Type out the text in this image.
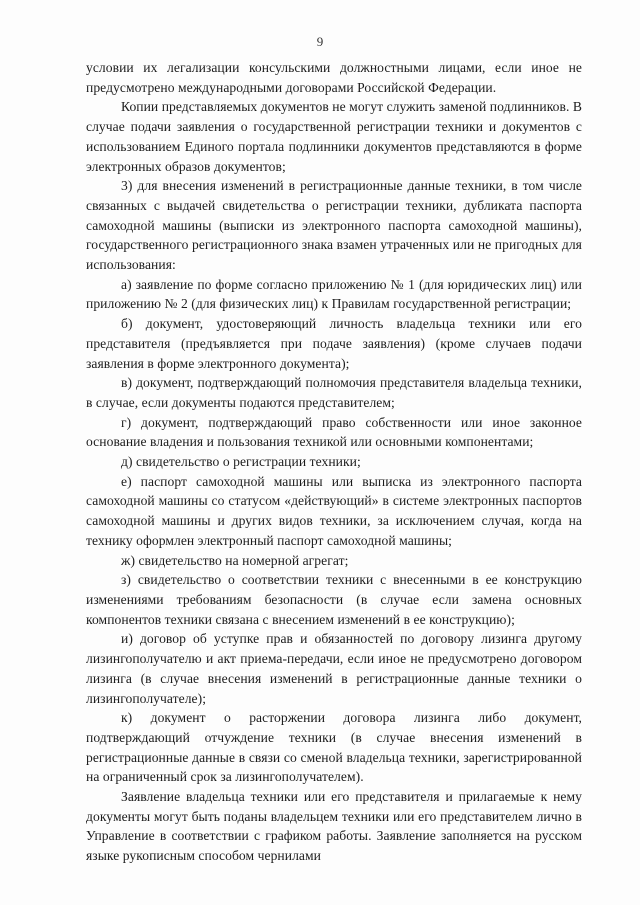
9

условии их легализации консульскими должностными лицами, если иное не предусмотрено международными договорами Российской Федерации.

Копии представляемых документов не могут служить заменой подлинников. В случае подачи заявления о государственной регистрации техники и документов с использованием Единого портала подлинники документов представляются в форме электронных образов документов;

3) для внесения изменений в регистрационные данные техники, в том числе связанных с выдачей свидетельства о регистрации техники, дубликата паспорта самоходной машины (выписки из электронного паспорта самоходной машины), государственного регистрационного знака взамен утраченных или не пригодных для использования:

а) заявление по форме согласно приложению № 1 (для юридических лиц) или приложению № 2 (для физических лиц) к Правилам государственной регистрации;

б) документ, удостоверяющий личность владельца техники или его представителя (предъявляется при подаче заявления) (кроме случаев подачи заявления в форме электронного документа);

в) документ, подтверждающий полномочия представителя владельца техники, в случае, если документы подаются представителем;

г) документ, подтверждающий право собственности или иное законное основание владения и пользования техникой или основными компонентами;

д) свидетельство о регистрации техники;

е) паспорт самоходной машины или выписка из электронного паспорта самоходной машины со статусом «действующий» в системе электронных паспортов самоходной машины и других видов техники, за исключением случая, когда на технику оформлен электронный паспорт самоходной машины;

ж) свидетельство на номерной агрегат;

з) свидетельство о соответствии техники с внесенными в ее конструкцию изменениями требованиям безопасности (в случае если замена основных компонентов техники связана с внесением изменений в ее конструкцию);

и) договор об уступке прав и обязанностей по договору лизинга другому лизингополучателю и акт приема-передачи, если иное не предусмотрено договором лизинга (в случае внесения изменений в регистрационные данные техники о лизингополучателе);

к) документ о расторжении договора лизинга либо документ, подтверждающий отчуждение техники (в случае внесения изменений в регистрационные данные в связи со сменой владельца техники, зарегистрированной на ограниченный срок за лизингополучателем).

Заявление владельца техники или его представителя и прилагаемые к нему документы могут быть поданы владельцем техники или его представителем лично в Управление в соответствии с графиком работы. Заявление заполняется на русском языке рукописным способом чернилами
